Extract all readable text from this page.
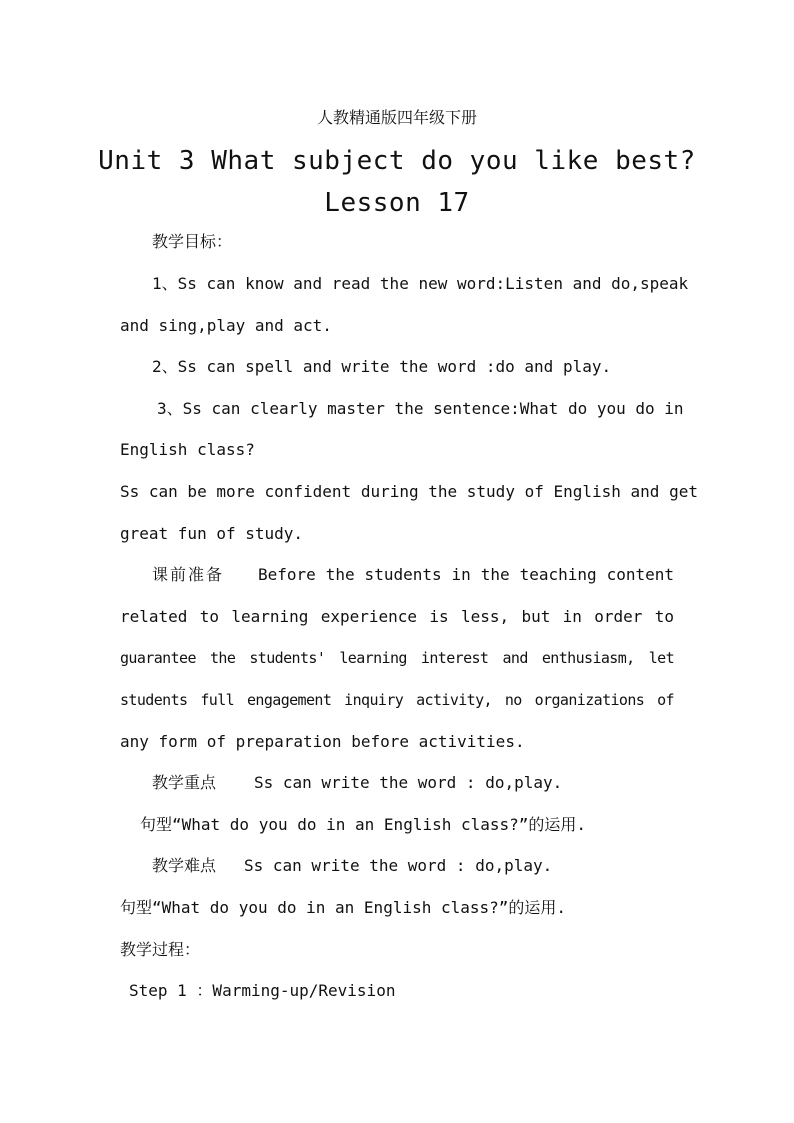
人教精通版四年级下册
Unit 3 What subject do you like best?
Lesson 17
教学目标：
1、Ss can know and read the new word:Listen and do,speak
and sing,play and act.
2、Ss can spell and write the word :do and play.
3、Ss can clearly master the sentence:What do you do in
English class?
Ss can be more confident during the study of English and get
great fun of study.
课前准备 Before the students in the teaching content
related to learning experience is less, but in order to
guarantee the students' learning interest and enthusiasm, let
students full engagement inquiry activity, no organizations of
any form of preparation before activities.
教学重点 Ss can write the word : do,play.
句型“What do you do in an English class?”的运用.
教学难点 Ss can write the word : do,play.
句型“What do you do in an English class?”的运用.
教学过程：
Step 1 ：Warming-up/Revision
